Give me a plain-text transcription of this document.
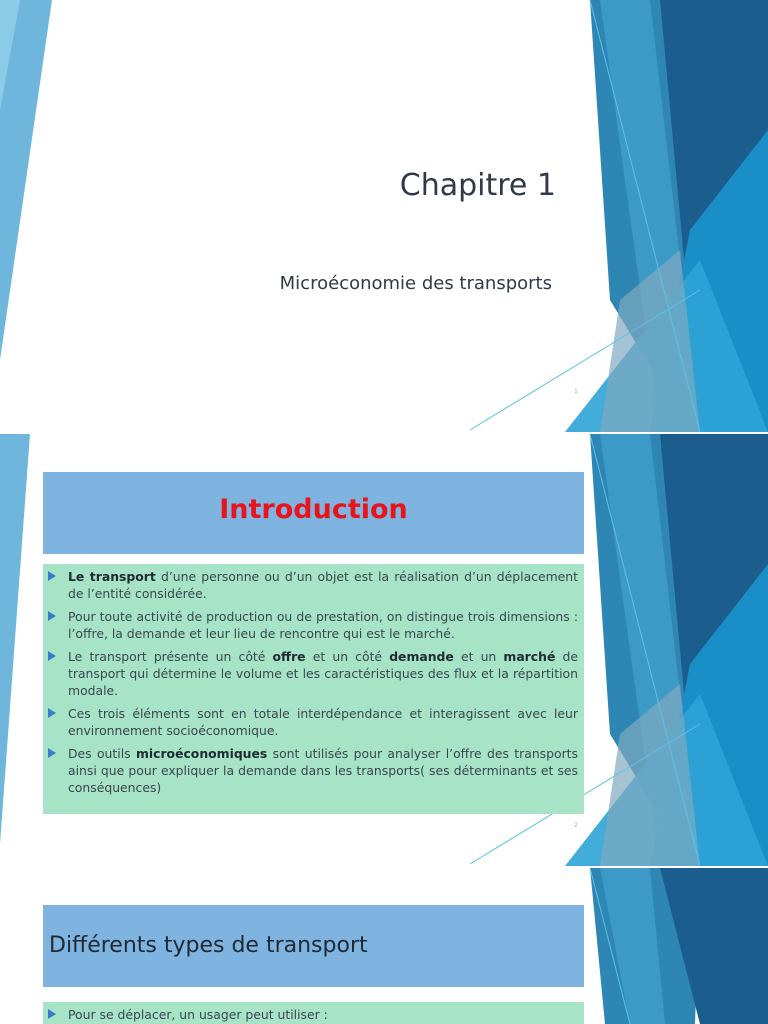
Chapitre 1
Microéconomie des transports
1
Introduction
Le transport d’une personne ou d’un objet est la réalisation d’un déplacement de l’entité considérée.
Pour toute activité de production ou de prestation, on distingue trois dimensions : l’offre, la demande et leur lieu de rencontre qui est le marché.
Le transport présente un côté offre et un côté demande et un marché de transport qui détermine le volume et les caractéristiques des flux et la répartition modale.
Ces trois éléments sont en totale interdépendance et interagissent avec leur environnement socioéconomique.
Des outils microéconomiques sont utilisés pour analyser l’offre des transports ainsi que pour expliquer la demande dans les transports( ses déterminants et ses conséquences)
2
Différents types de transport
Pour se déplacer, un usager peut utiliser :
